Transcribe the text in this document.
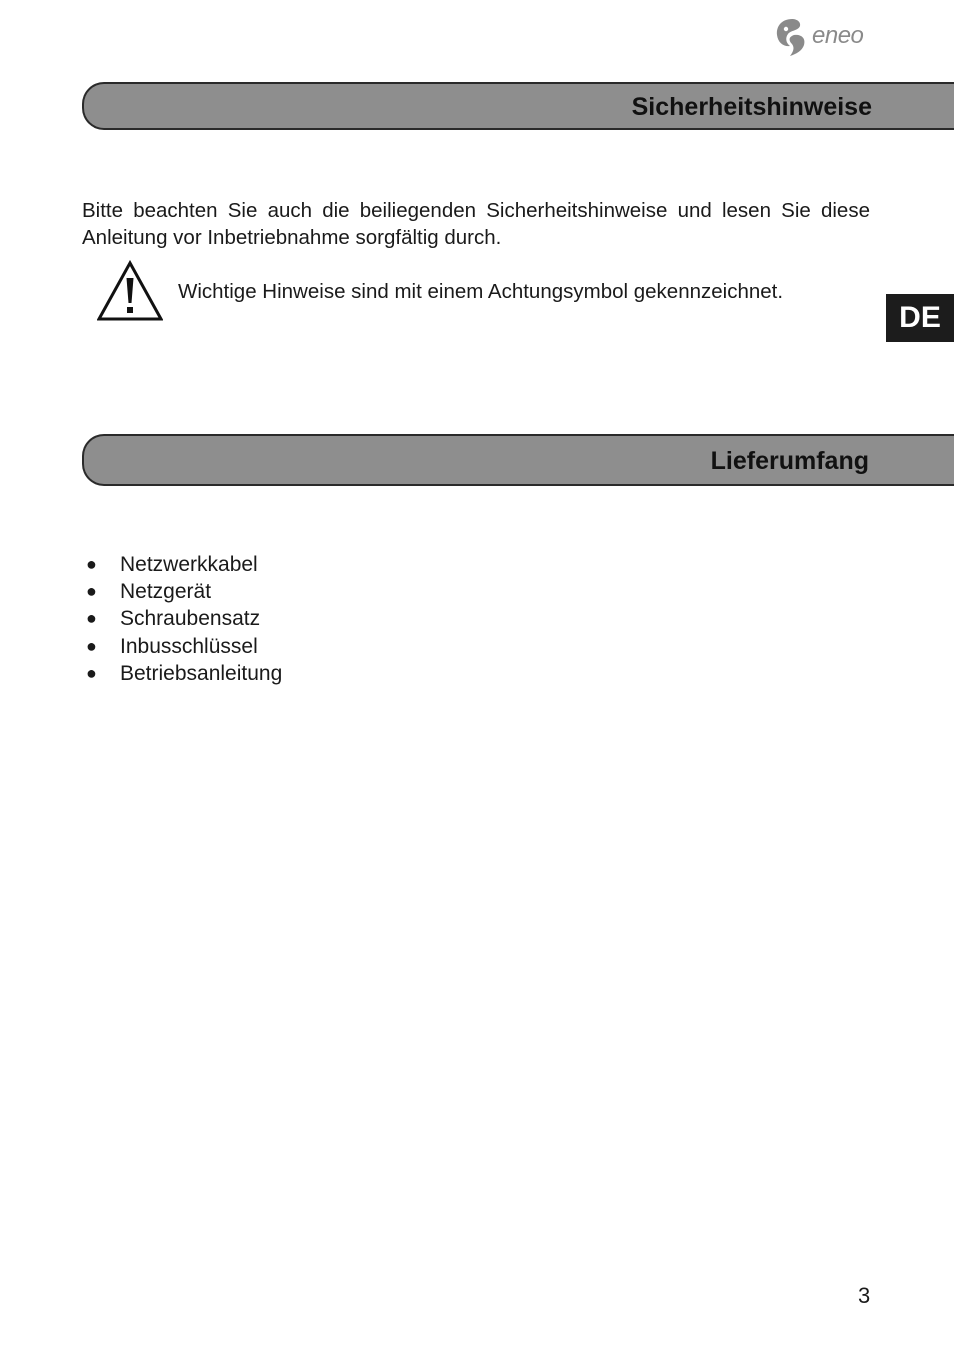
eneo
Sicherheitshinweise

Bitte beachten Sie auch die beiliegenden Sicherheitshinweise und lesen Sie diese Anleitung vor Inbetriebnahme sorgfältig durch.

Wichtige Hinweise sind mit einem Achtungsymbol gekennzeichnet.
DE
Lieferumfang
● Netzwerkkabel
● Netzgerät
● Schraubensatz
● Inbusschlüssel
● Betriebsanleitung
3
